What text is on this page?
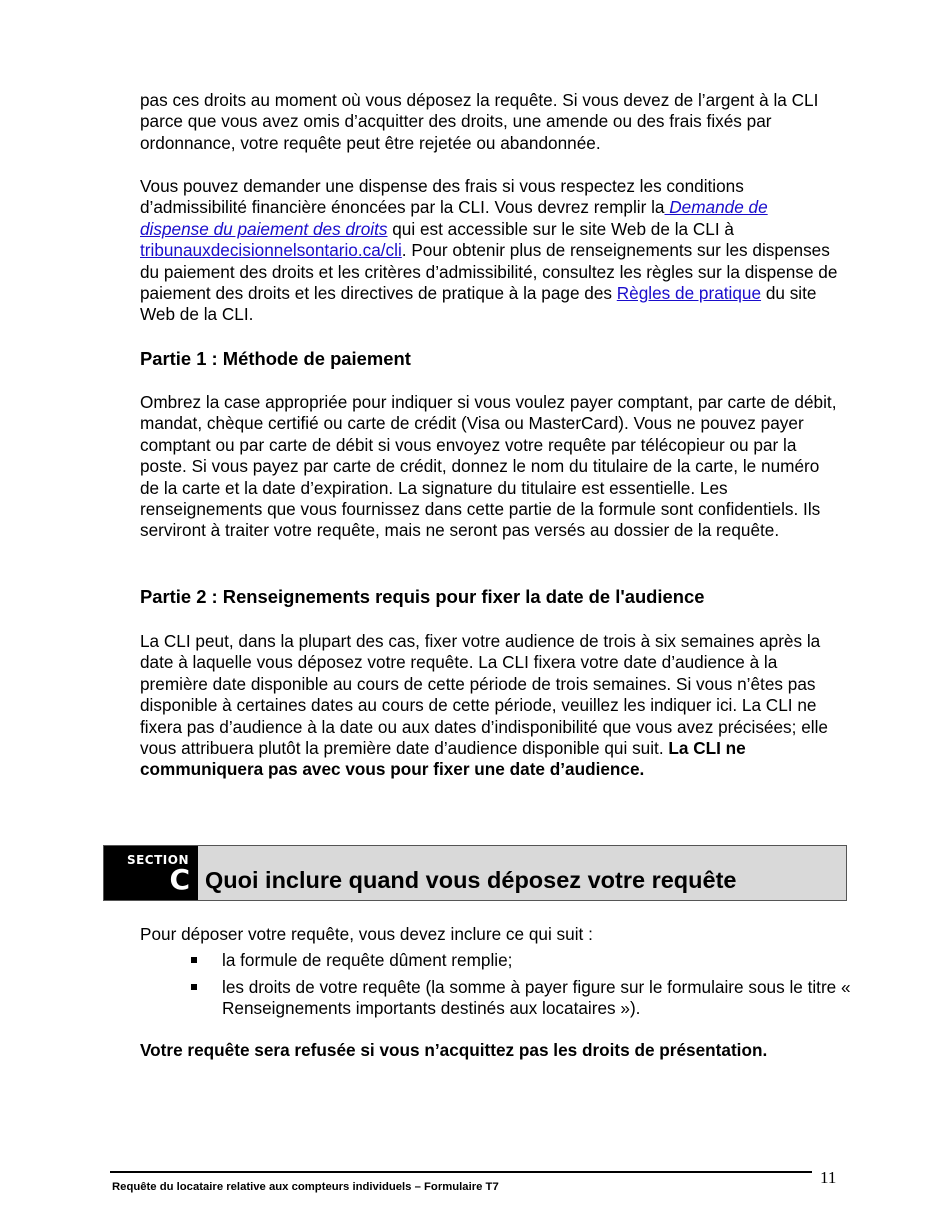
pas ces droits au moment où vous déposez la requête. Si vous devez de l’argent à la CLI parce que vous avez omis d’acquitter des droits, une amende ou des frais fixés par ordonnance, votre requête peut être rejetée ou abandonnée.

Vous pouvez demander une dispense des frais si vous respectez les conditions d’admissibilité financière énoncées par la CLI. Vous devrez remplir la Demande de dispense du paiement des droits qui est accessible sur le site Web de la CLI à tribunauxdecisionnelsontario.ca/cli. Pour obtenir plus de renseignements sur les dispenses du paiement des droits et les critères d’admissibilité, consultez les règles sur la dispense de paiement des droits et les directives de pratique à la page des Règles de pratique du site Web de la CLI.

Partie 1 : Méthode de paiement

Ombrez la case appropriée pour indiquer si vous voulez payer comptant, par carte de débit, mandat, chèque certifié ou carte de crédit (Visa ou MasterCard). Vous ne pouvez payer comptant ou par carte de débit si vous envoyez votre requête par télécopieur ou par la poste. Si vous payez par carte de crédit, donnez le nom du titulaire de la carte, le numéro de la carte et la date d’expiration. La signature du titulaire est essentielle. Les renseignements que vous fournissez dans cette partie de la formule sont confidentiels. Ils serviront à traiter votre requête, mais ne seront pas versés au dossier de la requête.

Partie 2 : Renseignements requis pour fixer la date de l'audience

La CLI peut, dans la plupart des cas, fixer votre audience de trois à six semaines après la date à laquelle vous déposez votre requête. La CLI fixera votre date d’audience à la première date disponible au cours de cette période de trois semaines. Si vous n’êtes pas disponible à certaines dates au cours de cette période, veuillez les indiquer ici. La CLI ne fixera pas d’audience à la date ou aux dates d’indisponibilité que vous avez précisées; elle vous attribuera plutôt la première date d’audience disponible qui suit. La CLI ne communiquera pas avec vous pour fixer une date d’audience.

SECTION
C Quoi inclure quand vous déposez votre requête

Pour déposer votre requête, vous devez inclure ce qui suit :

la formule de requête dûment remplie;
les droits de votre requête (la somme à payer figure sur le formulaire sous le titre « Renseignements importants destinés aux locataires »).
Votre requête sera refusée si vous n’acquittez pas les droits de présentation.
11
Requête du locataire relative aux compteurs individuels – Formulaire T7
